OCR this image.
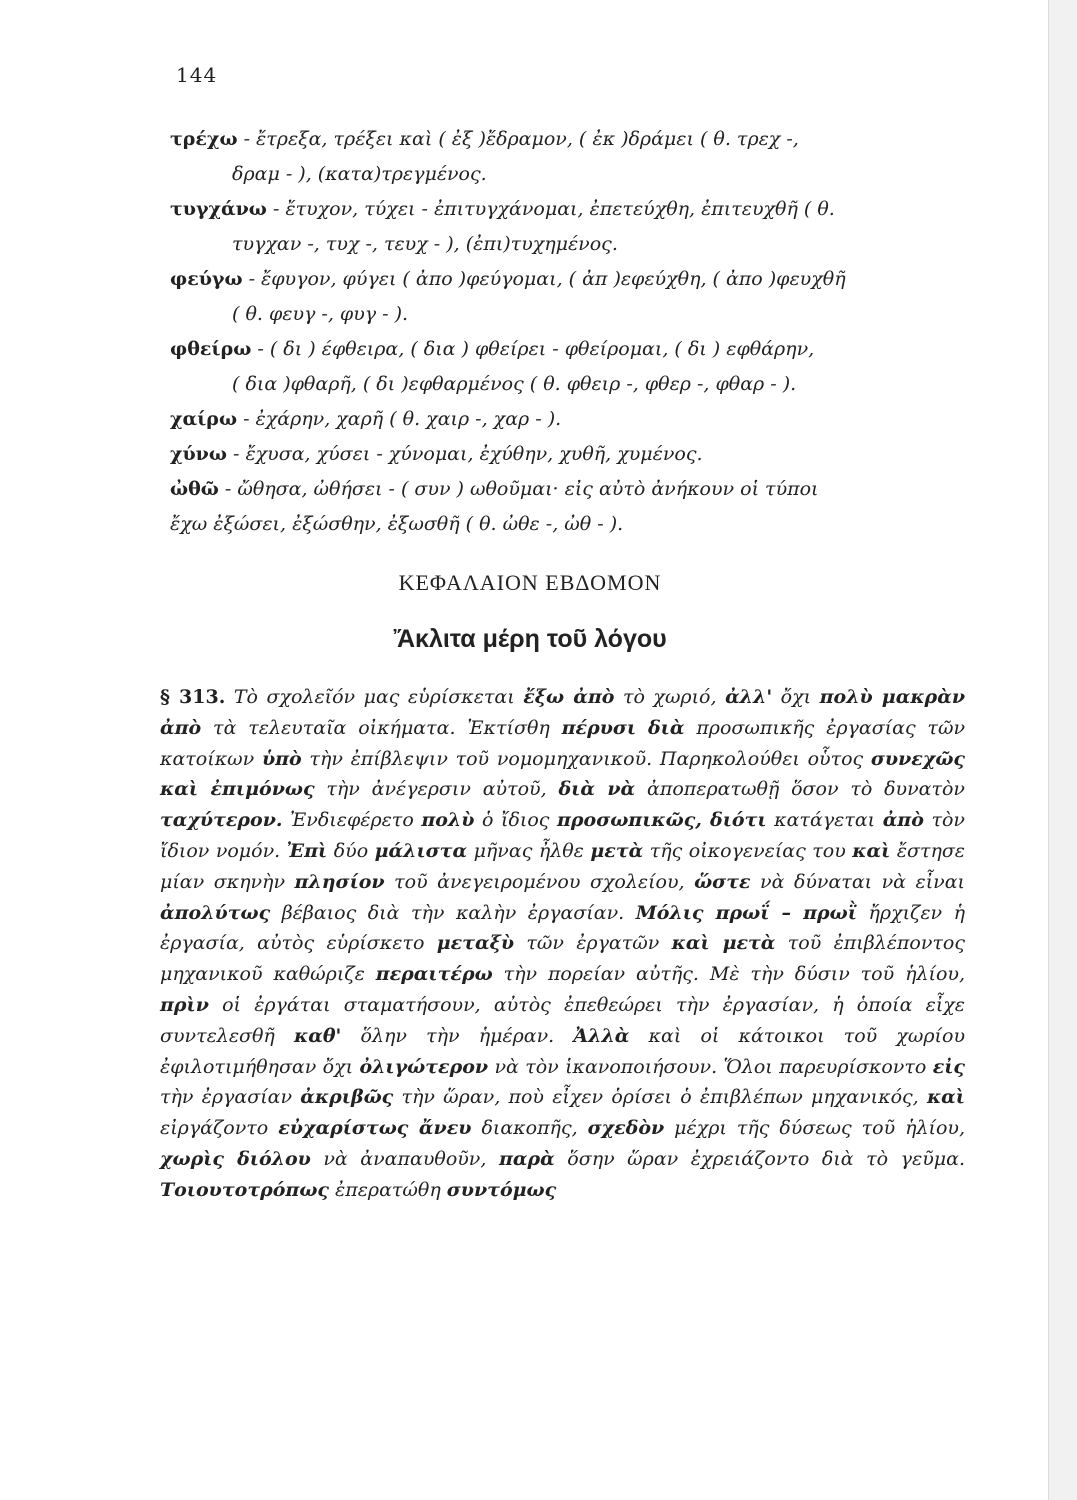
144
τρέχω - ἔτρεξα, τρέξει καὶ ( ἐξ )ἔδραμον, ( ἐκ )δράμει ( θ. τρεχ -,
δραμ - ), (κατα)τρεγμένος.
τυγχάνω - ἔτυχον, τύχει - ἐπιτυγχάνομαι, ἐπετεύχθη, ἐπιτευχθῆ ( θ.
τυγχαν -, τυχ -, τευχ - ), (ἐπι)τυχημένος.
φεύγω - ἔφυγον, φύγει ( ἀπο )φεύγομαι, ( ἀπ )εφεύχθη, ( ἀπο )φευχθῆ
( θ. φευγ -, φυγ - ).
φθείρω - ( δι ) έφθειρα, ( δια ) φθείρει - φθείρομαι, ( δι ) εφθάρην,
( δια )φθαρῆ, ( δι )εφθαρμένος ( θ. φθειρ -, φθερ -, φθαρ - ).
χαίρω - ἐχάρην, χαρῆ ( θ. χαιρ -, χαρ - ).
χύνω - ἔχυσα, χύσει - χύνομαι, ἐχύθην, χυθῆ, χυμένος.
ὠθῶ - ὤθησα, ὠθήσει - ( συν ) ωθοῦμαι· εἰς αὐτὸ ἀνήκουν οἱ τύποι
ἔχω ἐξώσει, ἐξώσθην, ἐξωσθῆ ( θ. ὠθε -, ὠθ - ).
ΚΕΦΑΛΑΙΟΝ ΕΒΔΟΜΟΝ
Ἄκλιτα μέρη τοῦ λόγου
§ 313. Τὸ σχολεῖόν μας εὑρίσκεται ἔξω ἀπὸ τὸ χωριό, ἀλλ' ὄχι πολὺ μακρὰν ἀπὸ τὰ τελευταῖα οἰκήματα. Ἐκτίσθη πέρυσι διὰ προσωπικῆς ἐργασίας τῶν κατοίκων ὑπὸ τὴν ἐπίβλεψιν τοῦ νομομηχανικοῦ. Παρηκολούθει οὗτος συνεχῶς καὶ ἐπιμόνως τὴν ἀνέγερσιν αὐτοῦ, διὰ νὰ ἀποπερατωθῇ ὅσον τὸ δυνατὸν ταχύτερον. Ἐνδιεφέρετο πολὺ ὁ ἴδιος προσωπικῶς, διότι κατάγεται ἀπὸ τὸν ἴδιον νομόν. Ἐπὶ δύο μάλιστα μῆνας ἦλθε μετὰ τῆς οἰκογενείας του καὶ ἔστησε μίαν σκηνὴν πλησίον τοῦ ἀνεγειρομένου σχολείου, ὥστε νὰ δύναται νὰ εἶναι ἀπολύτως βέβαιος διὰ τὴν καλὴν ἐργασίαν. Μόλις πρωΐ – πρωῒ ἤρχιζεν ἡ ἐργασία, αὐτὸς εὑρίσκετο μεταξὺ τῶν ἐργατῶν καὶ μετὰ τοῦ ἐπιβλέποντος μηχανικοῦ καθώριζε περαιτέρω τὴν πορείαν αὐτῆς. Μὲ τὴν δύσιν τοῦ ἡλίου, πρὶν οἱ ἐργάται σταματήσουν, αὐτὸς ἐπεθεώρει τὴν ἐργασίαν, ἡ ὁποία εἶχε συντελεσθῆ καθ' ὅλην τὴν ἡμέραν. Ἀλλὰ καὶ οἱ κάτοικοι τοῦ χωρίου ἐφιλοτιμήθησαν ὄχι ὀλιγώτερον νὰ τὸν ἱκανοποιήσουν. Ὅλοι παρευρίσκοντο εἰς τὴν ἐργασίαν ἀκριβῶς τὴν ὥραν, ποὺ εἶχεν ὁρίσει ὁ ἐπιβλέπων μηχανικός, καὶ εἰργάζοντο εὐχαρίστως ἄνευ διακοπῆς, σχεδὸν μέχρι τῆς δύσεως τοῦ ἡλίου, χωρὶς διόλου νὰ ἀναπαυθοῦν, παρὰ ὅσην ὥραν ἐχρειάζοντο διὰ τὸ γεῦμα. Τοιουτοτρόπως ἐπερατώθη συντόμως
